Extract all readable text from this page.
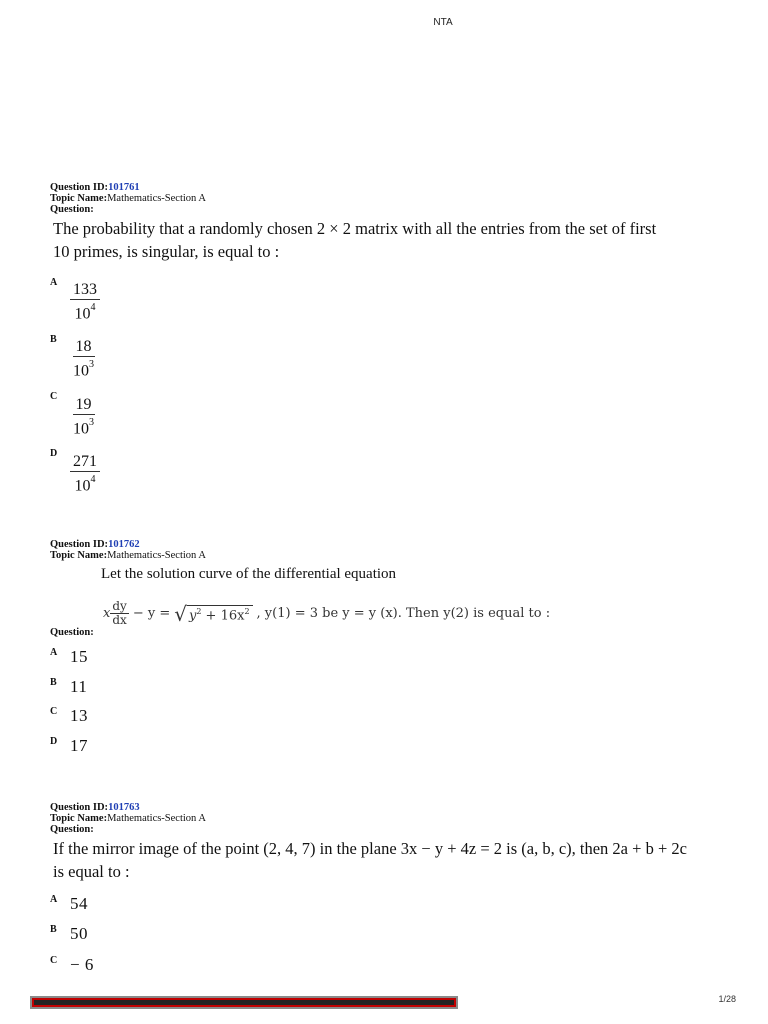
NTA
Question ID:101761
Topic Name:Mathematics-Section A
Question:
The probability that a randomly chosen 2 × 2 matrix with all the entries from the set of first
10 primes, is singular, is equal to :
A $\frac{133}{10^4}$
B $\frac{18}{10^3}$
C $\frac{19}{10^3}$
D $\frac{271}{10^4}$
Question ID:101762
Topic Name:Mathematics-Section A
Let the solution curve of the differential equation
x dy
dx − y = √ $y^2 + 16x^2$ , y(1) = 3 be y = y (x). Then y(2) is equal to :
Question:
A 15
B 11
C 13
D 17
Question ID:101763
Topic Name:Mathematics-Section A
Question:
If the mirror image of the point (2, 4, 7) in the plane 3x − y + 4z = 2 is (a, b, c), then 2a + b + 2c
is equal to :
A 54
B 50
C − 6
1/28
